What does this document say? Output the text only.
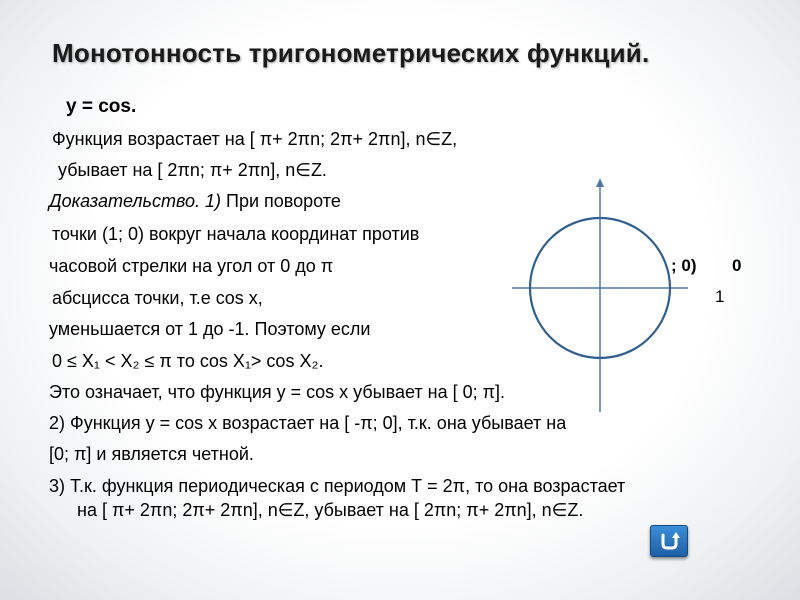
Монотонность тригонометрических функций.
y = cos.
Функция возрастает на [ π+ 2πn; 2π+ 2πn], n∈Z,
убывает на [ 2πn; π+ 2πn], n∈Z.
Доказательство. 1) При повороте
точки (1; 0) вокруг начала координат против
часовой стрелки на угол от 0 до π
абсцисса точки, т.е cos x,
уменьшается от 1 до -1. Поэтому если
0 ≤ X₁ < X₂ ≤ π то cos X₁> cos X₂.
Это означает, что функция y = cos x убывает на [ 0; π].
2) Функция y = cos x возрастает на [ -π; 0], т.к. она убывает на
[0; π] и является четной.
3) Т.к. функция периодическая с периодом Т = 2π, то она возрастает
на [ π+ 2πn; 2π+ 2πn], n∈Z, убывает на [ 2πn; π+ 2πn], n∈Z.
; 0) 0
1
